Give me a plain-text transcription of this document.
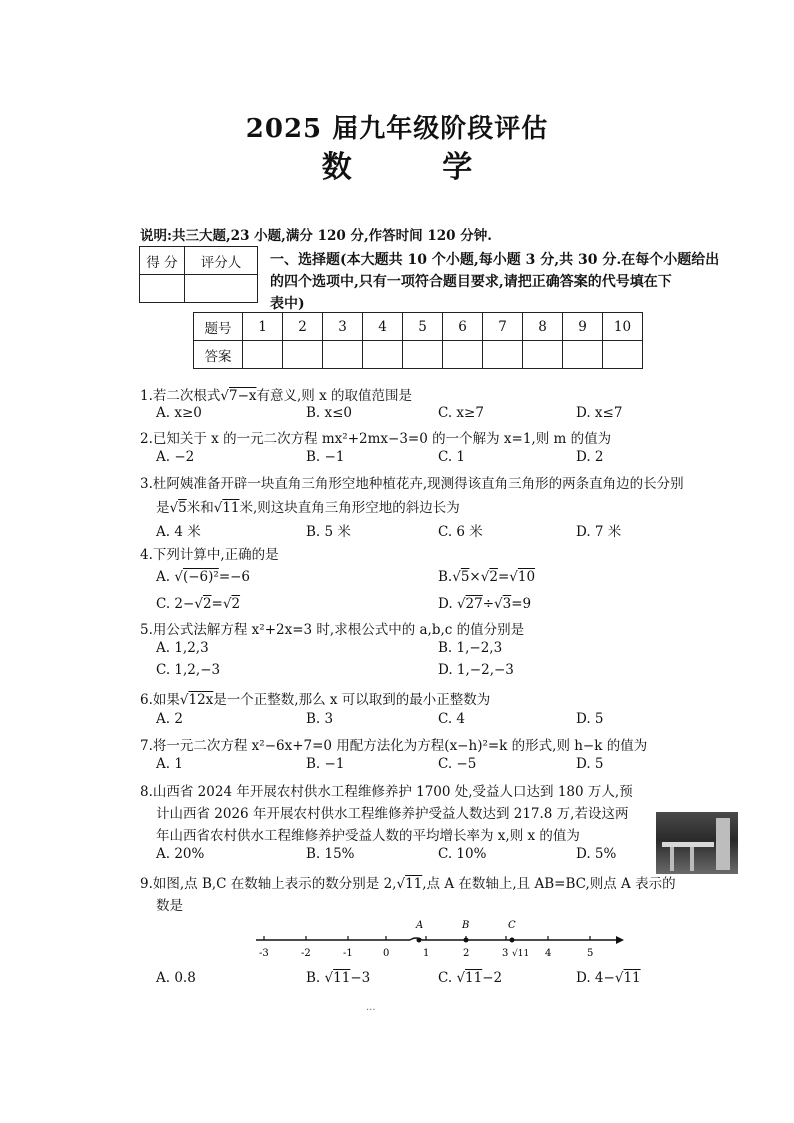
2025 届九年级阶段评估
数 学
说明:共三大题,23 小题,满分 120 分,作答时间 120 分钟.
得 分	评分人
	一、选择题(本大题共 10 个小题,每小题 3 分,共 30 分.在每个小题给出
的四个选项中,只有一项符合题目要求,请把正确答案的代号填在下
表中)
题号	1	2	3	4	5	6	7	8	9	10
答案										
1.若二次根式√7−x有意义,则 x 的取值范围是
A. x≥0	B. x≤0	C. x≥7	D. x≤7
2.已知关于 x 的一元二次方程 mx²+2mx−3=0 的一个解为 x=1,则 m 的值为
A. −2	B. −1	C. 1	D. 2
3.杜阿姨准备开辟一块直角三角形空地种植花卉,现测得该直角三角形的两条直角边的长分别
是√5米和√11米,则这块直角三角形空地的斜边长为
A. 4 米	B. 5 米	C. 6 米	D. 7 米
4.下列计算中,正确的是
A. √(−6)²=−6	B.√5×√2=√10
C. 2−√2=√2	D. √27÷√3=9
5.用公式法解方程 x²+2x=3 时,求根公式中的 a,b,c 的值分别是
A. 1,2,3	B. 1,−2,3
C. 1,2,−3	D. 1,−2,−3
6.如果√12x是一个正整数,那么 x 可以取到的最小正整数为
A. 2	B. 3	C. 4	D. 5
7.将一元二次方程 x²−6x+7=0 用配方法化为方程(x−h)²=k 的形式,则 h−k 的值为
A. 1	B. −1	C. −5	D. 5
8.山西省 2024 年开展农村供水工程维修养护 1700 处,受益人口达到 180 万人,预
计山西省 2026 年开展农村供水工程维修养护受益人数达到 217.8 万,若设这两
年山西省农村供水工程维修养护受益人数的平均增长率为 x,则 x 的值为
A. 20%	B. 15%	C. 10%	D. 5%
9.如图,点 B,C 在数轴上表示的数分别是 2,√11,点 A 在数轴上,且 AB=BC,则点 A 表示的
数是
A	B	C
-3	-2	-1	0	1	2	3 √11 4	5
A. 0.8	B. √11−3	C. √11−2	D. 4−√11
...
